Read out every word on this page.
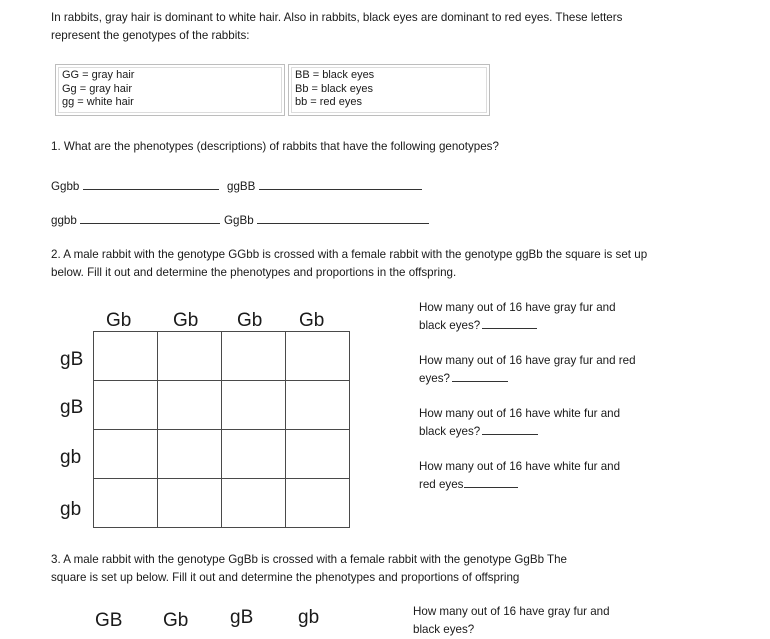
In rabbits, gray hair is dominant to white hair. Also in rabbits, black eyes are dominant to red eyes. These letters
represent the genotypes of the rabbits:
GG = gray hair
Gg = gray hair
gg = white hair
BB = black eyes
Bb = black eyes
bb = red eyes
1. What are the phenotypes (descriptions) of rabbits that have the following genotypes?
Ggbb	ggBB
ggbb	GgBb
2. A male rabbit with the genotype GGbb is crossed with a female rabbit with the genotype ggBb the square is set up
below. Fill it out and determine the phenotypes and proportions in the offspring.
Gb Gb Gb Gb
gB
gB
gb
gb

How many out of 16 have gray fur and
black eyes?
How many out of 16 have gray fur and red
eyes?
How many out of 16 have white fur and
black eyes?
How many out of 16 have white fur and
red eyes
3. A male rabbit with the genotype GgBb is crossed with a female rabbit with the genotype GgBb The
square is set up below. Fill it out and determine the phenotypes and proportions of offspring
GB Gb gB gb	How many out of 16 have gray fur and
black eyes?
